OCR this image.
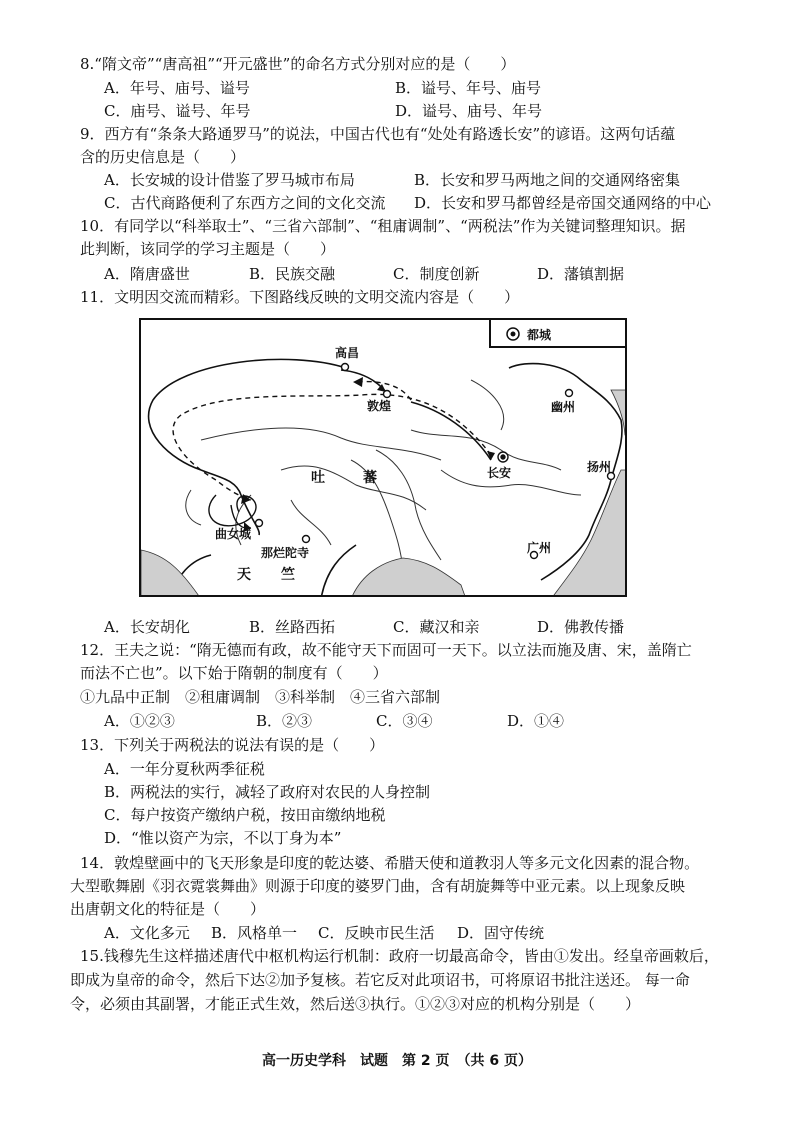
8.“隋文帝”“唐高祖”“开元盛世”的命名方式分别对应的是（　　）
A．年号、庙号、谥号	B．谥号、年号、庙号
C．庙号、谥号、年号	D．谥号、庙号、年号
9．西方有“条条大路通罗马”的说法，中国古代也有“处处有路透长安”的谚语。这两句话蕴
含的历史信息是（　　）
A．长安城的设计借鉴了罗马城市布局	B．长安和罗马两地之间的交通网络密集
C．古代商路便利了东西方之间的文化交流 D．长安和罗马都曾经是帝国交通网络的中心
10．有同学以“科举取士”、“三省六部制”、“租庸调制”、“两税法”作为关键词整理知识。据
此判断，该同学的学习主题是（　　）
A．隋唐盛世	B．民族交融	C．制度创新	D．藩镇割据
11．文明因交流而精彩。下图路线反映的文明交流内容是（　　）
都城
高昌
敦煌	幽州
长安	扬州
吐	蕃
曲女城
那烂陀寺	广州
天 竺
A．长安胡化	B．丝路西拓	C．藏汉和亲	D．佛教传播
12．王夫之说：“隋无德而有政，故不能守天下而固可一天下。以立法而施及唐、宋，盖隋亡
而法不亡也”。以下始于隋朝的制度有（　　）
①九品中正制　②租庸调制　③科举制　④三省六部制
A．①②③	B．②③	C．③④	D．①④
13．下列关于两税法的说法有误的是（　　）
A．一年分夏秋两季征税
B．两税法的实行，减轻了政府对农民的人身控制
C．每户按资产缴纳户税，按田亩缴纳地税
D．“惟以资产为宗，不以丁身为本”
14．敦煌壁画中的飞天形象是印度的乾达婆、希腊天使和道教羽人等多元文化因素的混合物。
大型歌舞剧《羽衣霓裳舞曲》则源于印度的婆罗门曲，含有胡旋舞等中亚元素。以上现象反映
出唐朝文化的特征是（　　）
A．文化多元 B．风格单一 C．反映市民生活 D．固守传统
15.钱穆先生这样描述唐代中枢机构运行机制：政府一切最高命令，皆由①发出。经皇帝画敕后，
即成为皇帝的命令，然后下达②加予复核。若它反对此项诏书，可将原诏书批注送还。 每一命
令，必须由其副署，才能正式生效，然后送③执行。①②③对应的机构分别是（　　）
高一历史学科　试题　第 2 页　（共 6 页）
